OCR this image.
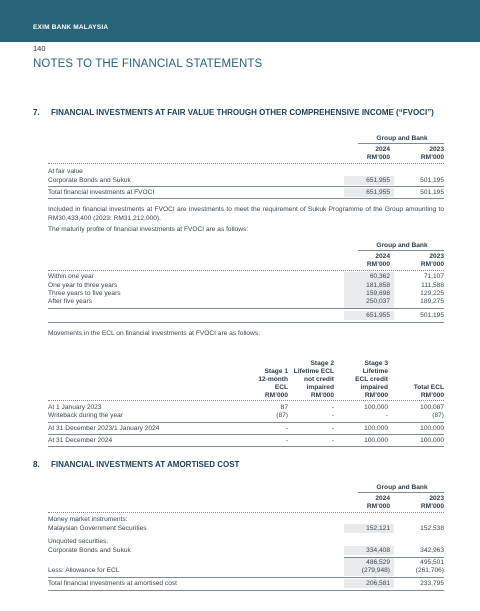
EXIM BANK MALAYSIA
140
NOTES TO THE FINANCIAL STATEMENTS
7. FINANCIAL INVESTMENTS AT FAIR VALUE THROUGH OTHER COMPREHENSIVE INCOME (“FVOCI”)
Group and Bank
2024	2023
RM’000	RM’000
At fair value
Corporate Bonds and Sukuk	651,955	501,195
Total financial investments at FVOCI	651,955	501,195
Included in financial investments at FVOCI are investments to meet the requirement of Sukuk Programme of the Group amounting to RM30,433,400 (2023: RM31,212,000).
The maturity profile of financial investments at FVOCI are as follows:
Group and Bank
2024	2023
RM’000	RM’000
Within one year	60,362	71,107
One year to three years	181,858	111,588
Three years to five years	159,698	129,225
After five years	250,037	189,275
651,955	501,195
Movements in the ECL on financial investments at FVOCI are as follows:
Stage 1
12-month
ECL
RM’000
Stage 2
Lifetime ECL
not credit
impaired
RM’000
Stage 3
Lifetime
ECL credit
impaired
RM’000
Total ECL
RM’000
At 1 January 2023	87	-	100,000	100,087
Writeback during the year	(87)	-	-	(87)
At 31 December 2023/1 January 2024	-	-	100,000	100,000
At 31 December 2024	-	-	100,000	100,000
8. FINANCIAL INVESTMENTS AT AMORTISED COST
Group and Bank
2024	2023
RM’000	RM’000
Money market instruments:
Malaysian Government Securities	152,121	152,538
Unquoted securities:
Corporate Bonds and Sukuk	334,408	342,963
486,529	495,501
Less: Allowance for ECL	(279,948)	(261,706)
Total financial investments at amortised cost	206,581	233,795
